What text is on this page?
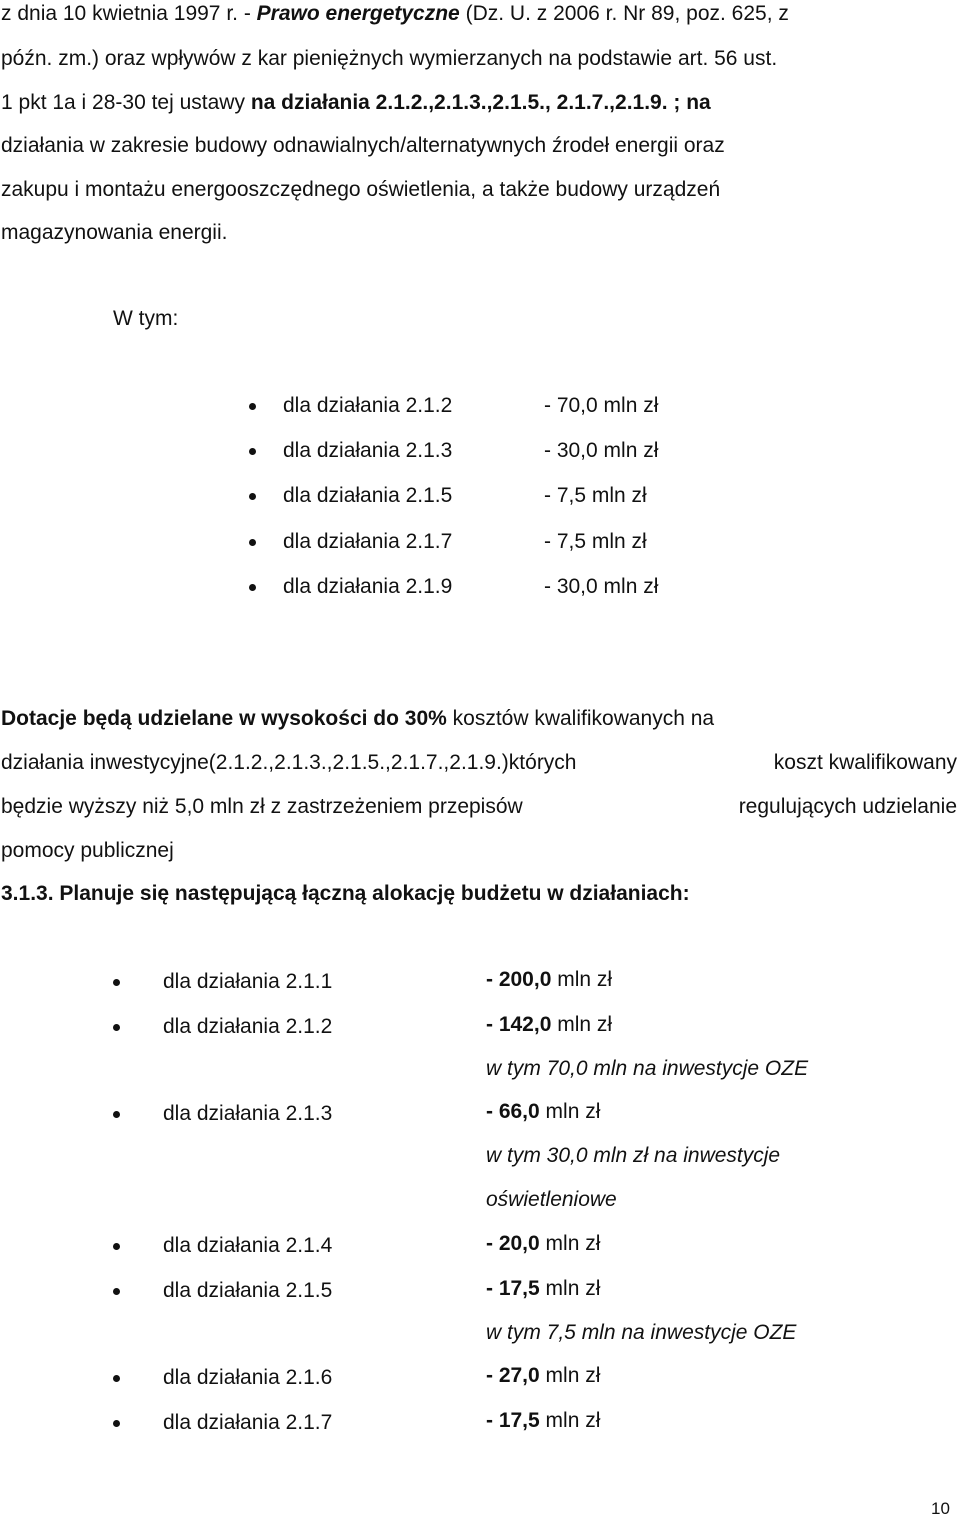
z dnia 10 kwietnia 1997 r. - Prawo energetyczne (Dz. U. z 2006 r. Nr 89, poz. 625, z
późn. zm.) oraz wpływów z kar pieniężnych wymierzanych na podstawie art. 56 ust.
1 pkt 1a i 28-30 tej ustawy na działania 2.1.2.,2.1.3.,2.1.5., 2.1.7.,2.1.9. ; na
działania w zakresie budowy odnawialnych/alternatywnych źrodeł energii oraz
zakupu i montażu energooszczędnego oświetlenia, a także budowy urządzeń
magazynowania energii.
W tym:
dla działania 2.1.2	- 70,0 mln zł
dla działania 2.1.3	- 30,0 mln zł
dla działania 2.1.5	- 7,5 mln zł
dla działania 2.1.7	- 7,5 mln zł
dla działania 2.1.9	- 30,0 mln zł
Dotacje będą udzielane w wysokości do 30% kosztów kwalifikowanych na
działania inwestycyjne(2.1.2.,2.1.3.,2.1.5.,2.1.7.,2.1.9.)których	koszt kwalifikowany
będzie wyższy niż 5,0 mln zł z zastrzeżeniem przepisów	regulujących udzielanie
pomocy publicznej
3.1.3. Planuje się następującą łączną alokację budżetu w działaniach:
dla działania 2.1.1	- 200,0 mln zł
dla działania 2.1.2	- 142,0 mln zł
w tym 70,0 mln na inwestycje OZE
dla działania 2.1.3	- 66,0 mln zł
w tym 30,0 mln zł na inwestycje
oświetleniowe
dla działania 2.1.4	- 20,0 mln zł
dla działania 2.1.5	- 17,5 mln zł
w tym 7,5 mln na inwestycje OZE
dla działania 2.1.6	- 27,0 mln zł
dla działania 2.1.7	- 17,5 mln zł
10
